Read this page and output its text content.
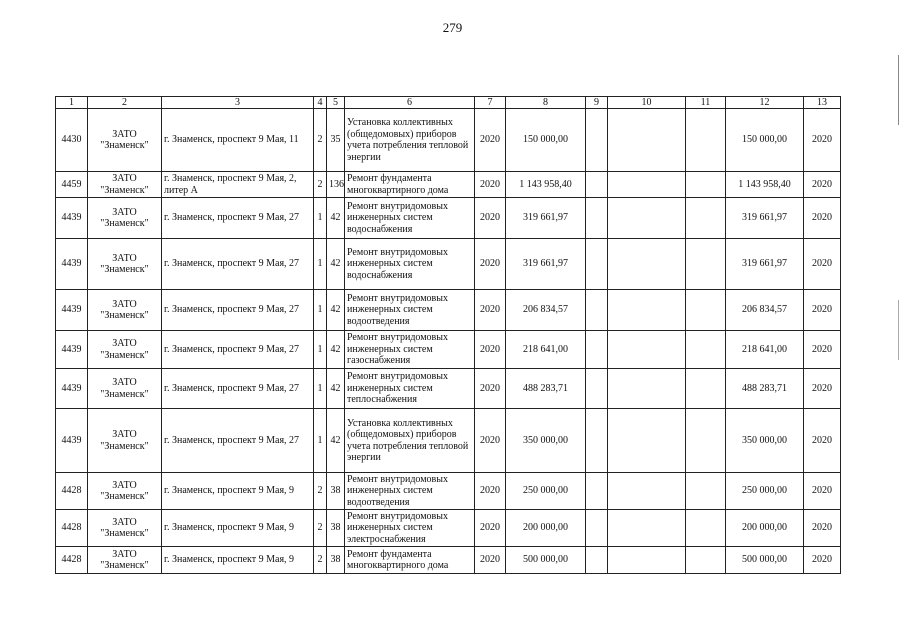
279
1	2	3	4	5	6	7	8	9	10	11	12	13
4430	ЗАТО "Знаменск"	г. Знаменск, проспект 9 Мая, 11	2	35	Установка коллективных (общедомовых) приборов учета потребления тепловой энергии	2020	150 000,00				150 000,00	2020
4459	ЗАТО "Знаменск"	г. Знаменск, проспект 9 Мая, 2, литер А	2	136	Ремонт фундамента многоквартирного дома	2020	1 143 958,40				1 143 958,40	2020
4439	ЗАТО "Знаменск"	г. Знаменск, проспект 9 Мая, 27	1	42	Ремонт внутридомовых инженерных систем водоснабжения	2020	319 661,97				319 661,97	2020
4439	ЗАТО "Знаменск"	г. Знаменск, проспект 9 Мая, 27	1	42	Ремонт внутридомовых инженерных систем водоснабжения	2020	319 661,97				319 661,97	2020
4439	ЗАТО "Знаменск"	г. Знаменск, проспект 9 Мая, 27	1	42	Ремонт внутридомовых инженерных систем водоотведения	2020	206 834,57				206 834,57	2020
4439	ЗАТО "Знаменск"	г. Знаменск, проспект 9 Мая, 27	1	42	Ремонт внутридомовых инженерных систем газоснабжения	2020	218 641,00				218 641,00	2020
4439	ЗАТО "Знаменск"	г. Знаменск, проспект 9 Мая, 27	1	42	Ремонт внутридомовых инженерных систем теплоснабжения	2020	488 283,71				488 283,71	2020
4439	ЗАТО "Знаменск"	г. Знаменск, проспект 9 Мая, 27	1	42	Установка коллективных (общедомовых) приборов учета потребления тепловой энергии	2020	350 000,00				350 000,00	2020
4428	ЗАТО "Знаменск"	г. Знаменск, проспект 9 Мая, 9	2	38	Ремонт внутридомовых инженерных систем водоотведения	2020	250 000,00				250 000,00	2020
4428	ЗАТО "Знаменск"	г. Знаменск, проспект 9 Мая, 9	2	38	Ремонт внутридомовых инженерных систем электроснабжения	2020	200 000,00				200 000,00	2020
4428	ЗАТО "Знаменск"	г. Знаменск, проспект 9 Мая, 9	2	38	Ремонт фундамента многоквартирного дома	2020	500 000,00				500 000,00	2020
